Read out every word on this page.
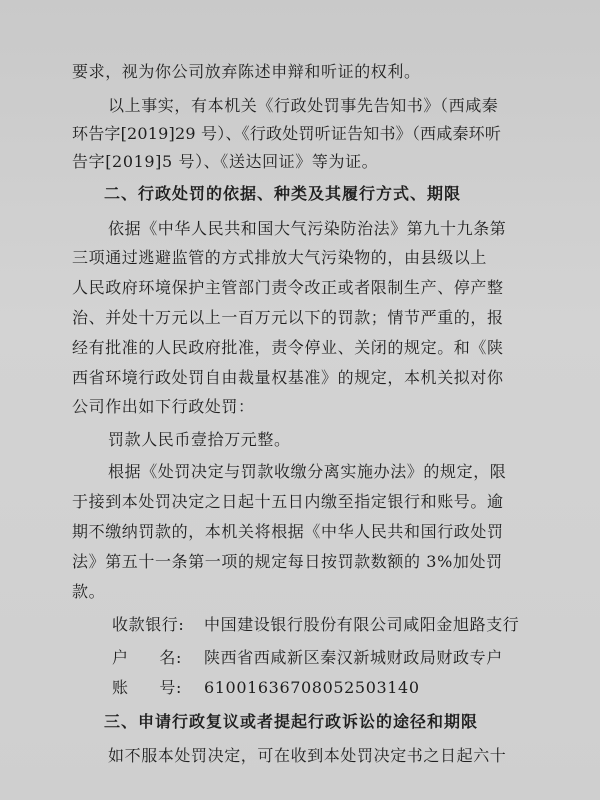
要求，视为你公司放弃陈述申辩和听证的权利。
以上事实，有本机关《行政处罚事先告知书》（西咸秦
环告字[2019]29 号）、《行政处罚听证告知书》（西咸秦环听
告字[2019]5 号）、《送达回证》等为证。
二、行政处罚的依据、种类及其履行方式、期限
依据《中华人民共和国大气污染防治法》第九十九条第
三项通过逃避监管的方式排放大气污染物的，由县级以上
人民政府环境保护主管部门责令改正或者限制生产、停产整
治、并处十万元以上一百万元以下的罚款；情节严重的，报
经有批准的人民政府批准，责令停业、关闭的规定。和《陕
西省环境行政处罚自由裁量权基准》的规定，本机关拟对你
公司作出如下行政处罚：
罚款人民币壹拾万元整。
根据《处罚决定与罚款收缴分离实施办法》的规定，限
于接到本处罚决定之日起十五日内缴至指定银行和账号。逾
期不缴纳罚款的，本机关将根据《中华人民共和国行政处罚
法》第五十一条第一项的规定每日按罚款数额的 3%加处罚
款。
收款银行: 中国建设银行股份有限公司咸阳金旭路支行
户 名: 陕西省西咸新区秦汉新城财政局财政专户
账 号: 61001636708052503140
三、申请行政复议或者提起行政诉讼的途径和期限
如不服本处罚决定，可在收到本处罚决定书之日起六十
